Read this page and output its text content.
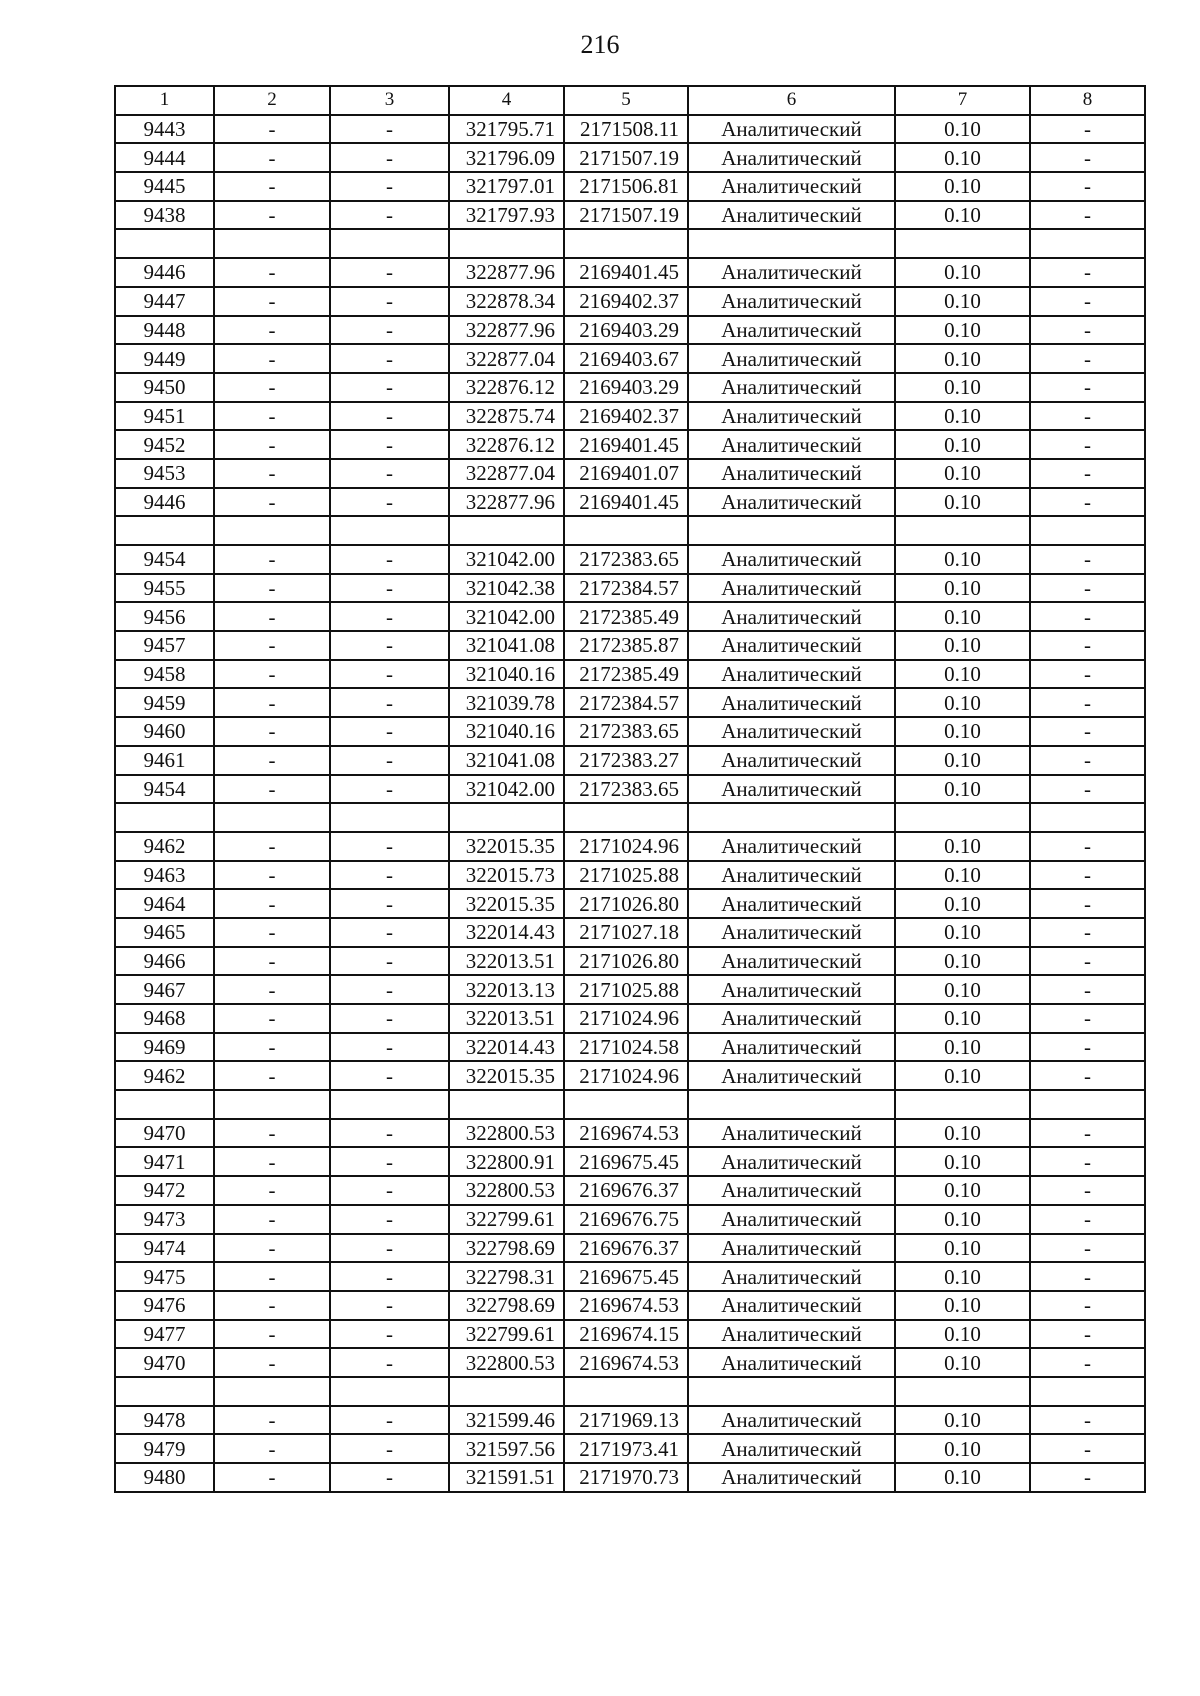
216
1	2	3	4	5	6	7	8
9443	-	-	321795.71	2171508.11	Аналитический	0.10	-
9444	-	-	321796.09	2171507.19	Аналитический	0.10	-
9445	-	-	321797.01	2171506.81	Аналитический	0.10	-
9438	-	-	321797.93	2171507.19	Аналитический	0.10	-

9446	-	-	322877.96	2169401.45	Аналитический	0.10	-
9447	-	-	322878.34	2169402.37	Аналитический	0.10	-
9448	-	-	322877.96	2169403.29	Аналитический	0.10	-
9449	-	-	322877.04	2169403.67	Аналитический	0.10	-
9450	-	-	322876.12	2169403.29	Аналитический	0.10	-
9451	-	-	322875.74	2169402.37	Аналитический	0.10	-
9452	-	-	322876.12	2169401.45	Аналитический	0.10	-
9453	-	-	322877.04	2169401.07	Аналитический	0.10	-
9446	-	-	322877.96	2169401.45	Аналитический	0.10	-

9454	-	-	321042.00	2172383.65	Аналитический	0.10	-
9455	-	-	321042.38	2172384.57	Аналитический	0.10	-
9456	-	-	321042.00	2172385.49	Аналитический	0.10	-
9457	-	-	321041.08	2172385.87	Аналитический	0.10	-
9458	-	-	321040.16	2172385.49	Аналитический	0.10	-
9459	-	-	321039.78	2172384.57	Аналитический	0.10	-
9460	-	-	321040.16	2172383.65	Аналитический	0.10	-
9461	-	-	321041.08	2172383.27	Аналитический	0.10	-
9454	-	-	321042.00	2172383.65	Аналитический	0.10	-

9462	-	-	322015.35	2171024.96	Аналитический	0.10	-
9463	-	-	322015.73	2171025.88	Аналитический	0.10	-
9464	-	-	322015.35	2171026.80	Аналитический	0.10	-
9465	-	-	322014.43	2171027.18	Аналитический	0.10	-
9466	-	-	322013.51	2171026.80	Аналитический	0.10	-
9467	-	-	322013.13	2171025.88	Аналитический	0.10	-
9468	-	-	322013.51	2171024.96	Аналитический	0.10	-
9469	-	-	322014.43	2171024.58	Аналитический	0.10	-
9462	-	-	322015.35	2171024.96	Аналитический	0.10	-

9470	-	-	322800.53	2169674.53	Аналитический	0.10	-
9471	-	-	322800.91	2169675.45	Аналитический	0.10	-
9472	-	-	322800.53	2169676.37	Аналитический	0.10	-
9473	-	-	322799.61	2169676.75	Аналитический	0.10	-
9474	-	-	322798.69	2169676.37	Аналитический	0.10	-
9475	-	-	322798.31	2169675.45	Аналитический	0.10	-
9476	-	-	322798.69	2169674.53	Аналитический	0.10	-
9477	-	-	322799.61	2169674.15	Аналитический	0.10	-
9470	-	-	322800.53	2169674.53	Аналитический	0.10	-

9478	-	-	321599.46	2171969.13	Аналитический	0.10	-
9479	-	-	321597.56	2171973.41	Аналитический	0.10	-
9480	-	-	321591.51	2171970.73	Аналитический	0.10	-
